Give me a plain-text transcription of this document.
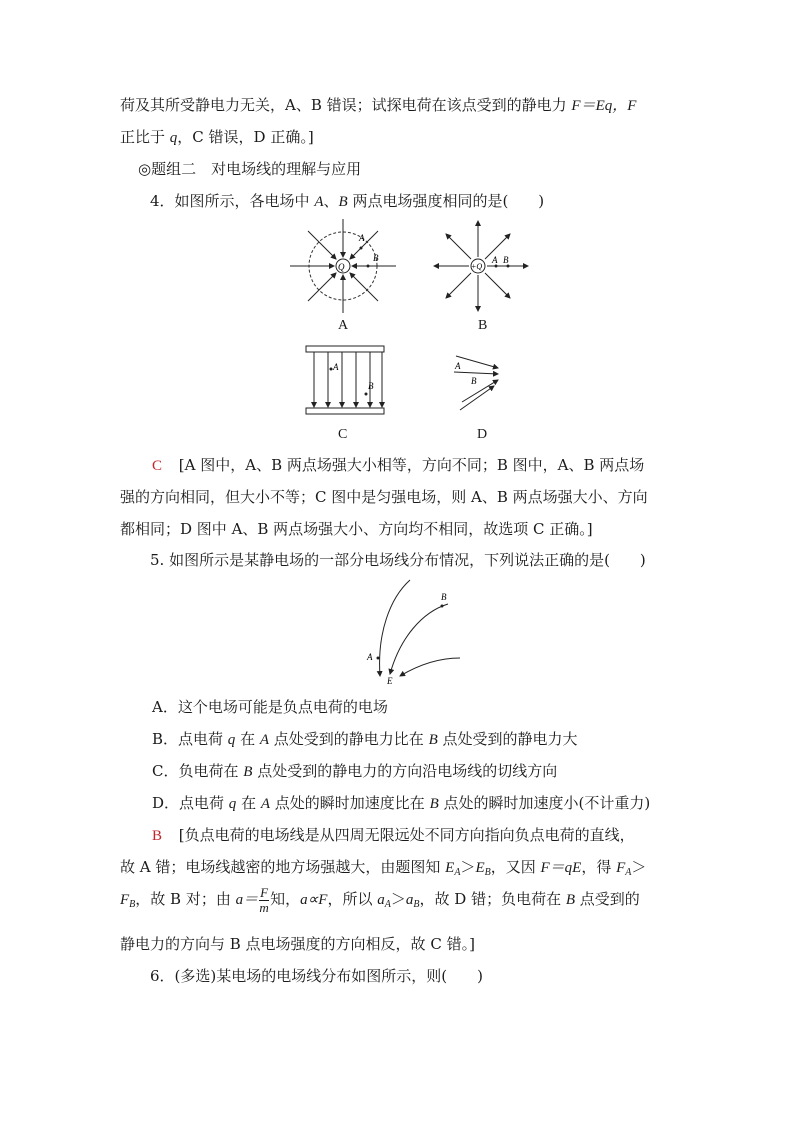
荷及其所受静电力无关，A、B 错误；试探电荷在该点受到的静电力 F＝Eq，F
正比于 q，C 错误，D 正确。]
◎题组二　对电场线的理解与应用
4．如图所示，各电场中 A、B 两点电场强度相同的是(　　)
A
B
Q
A
A B
+Q
B
A
B
C
A
B
D
C [A 图中，A、B 两点场强大小相等，方向不同；B 图中，A、B 两点场
强的方向相同，但大小不等；C 图中是匀强电场，则 A、B 两点场强大小、方向
都相同；D 图中 A、B 两点场强大小、方向均不相同，故选项 C 正确。]
5. 如图所示是某静电场的一部分电场线分布情况，下列说法正确的是(　　)
A
B
E
A．这个电场可能是负点电荷的电场
B．点电荷 q 在 A 点处受到的静电力比在 B 点处受到的静电力大
C．负电荷在 B 点处受到的静电力的方向沿电场线的切线方向
D．点电荷 q 在 A 点处的瞬时加速度比在 B 点处的瞬时加速度小(不计重力)
B [负点电荷的电场线是从四周无限远处不同方向指向负点电荷的直线，
故 A 错；电场线越密的地方场强越大，由题图知 $E_A>E_B$，又因 F＝qE，得 $F_A>$
$F_B$，故 B 对；由 $a= \frac{F}{m}$ 知，a∝F，所以 $a_A>a_B$，故 D 错；负电荷在 B 点受到的
静电力的方向与 B 点电场强度的方向相反，故 C 错。]
6．(多选)某电场的电场线分布如图所示，则(　　)
